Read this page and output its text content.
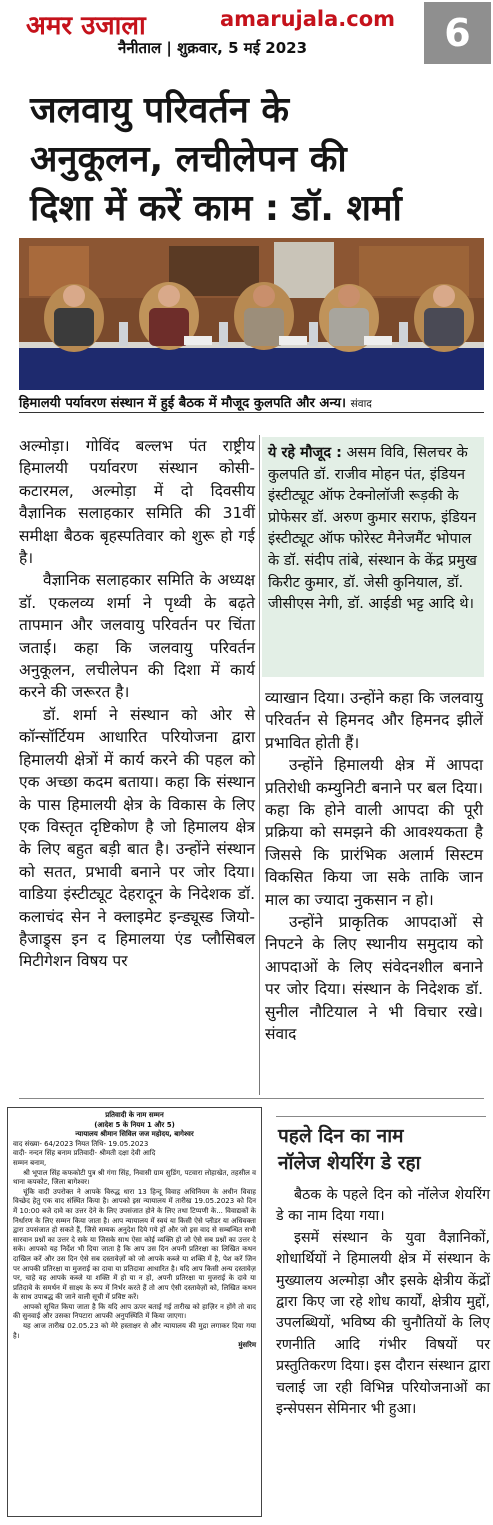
अमर उजाला	amarujala.com
नैनीताल | शुक्रवार, 5 मई 2023	6
जलवायु परिवर्तन के
अनुकूलन, लचीलेपन की
दिशा में करें काम : डॉ. शर्मा
हिमालयी पर्यावरण संस्थान में हुई बैठक में मौजूद कुलपति और अन्य। संवाद

अल्मोड़ा। गोविंद बल्लभ पंत राष्ट्रीय हिमालयी पर्यावरण संस्थान कोसी-कटारमल, अल्मोड़ा में दो दिवसीय वैज्ञानिक सलाहकार समिति की 31वीं समीक्षा बैठक बृहस्पतिवार को शुरू हो गई है।

वैज्ञानिक सलाहकार समिति के अध्यक्ष डॉ. एकलव्य शर्मा ने पृथ्वी के बढ़ते तापमान और जलवायु परिवर्तन पर चिंता जताई। कहा कि जलवायु परिवर्तन अनुकूलन, लचीलेपन की दिशा में कार्य करने की जरूरत है।

डॉ. शर्मा ने संस्थान को ओर से कॉन्सॉर्टियम आधारित परियोजना द्वारा हिमालयी क्षेत्रों में कार्य करने की पहल को एक अच्छा कदम बताया। कहा कि संस्थान के पास हिमालयी क्षेत्र के विकास के लिए एक विस्तृत दृष्टिकोण है जो हिमालय क्षेत्र के लिए बहुत बड़ी बात है। उन्होंने संस्थान को सतत, प्रभावी बनाने पर जोर दिया। वाडिया इंस्टीट्यूट देहरादून के निदेशक डॉ. कलाचंद सेन ने क्लाइमेट इन्ड्यूस्ड जियो-हैजाड्र्स इन द हिमालया एंड प्लौसिबल मिटीगेशन विषय पर

ये रहे मौजूद : असम विवि, सिलचर के कुलपति डॉ. राजीव मोहन पंत, इंडियन इंस्टीट्यूट ऑफ टेक्नोलॉजी रूड़की के प्रोफेसर डॉ. अरुण कुमार सराफ, इंडियन इंस्टीट्यूट ऑफ फोरेस्ट मैनेजमैंट भोपाल के डॉ. संदीप तांबे, संस्थान के केंद्र प्रमुख किरीट कुमार, डॉ. जेसी कुनियाल, डॉ. जीसीएस नेगी, डॉ. आईडी भट्ट आदि थे।

व्याखान दिया। उन्होंने कहा कि जलवायु परिवर्तन से हिमनद और हिमनद झीलें प्रभावित होती हैं।

उन्होंने हिमालयी क्षेत्र में आपदा प्रतिरोधी कम्युनिटी बनाने पर बल दिया। कहा कि होने वाली आपदा की पूरी प्रक्रिया को समझने की आवश्यकता है जिससे कि प्रारंभिक अलार्म सिस्टम विकसित किया जा सके ताकि जान माल का ज्यादा नुकसान न हो।

उन्होंने प्राकृतिक आपदाओं से निपटने के लिए स्थानीय समुदाय को आपदाओं के लिए संवेदनशील बनाने पर जोर दिया। संस्थान के निदेशक डॉ. सुनील नौटियाल ने भी विचार रखे। संवाद

प्रतिवादी के नाम सम्मन
(आदेश 5 के नियम 1 और 5)
न्यायालय श्रीमान सिविल जज महोदय, बागेश्वर
वाद संख्या- 64/2023 नियत तिथि- 19.05.2023
वादी- नन्दन सिंह बनाम प्रतिवादी- श्रीमती दक्षा देवी आदि
सम्मन बनाम,

श्री भूपाल सिंह कफकोटी पुत्र श्री गंगा सिंह, निवासी ग्राम सुडिंग, पटवारा लोहाखेत, तहसील व थाना कपकोट, जिला बागेश्वर।

चूंकि वादी उपरोक्त ने आपके विरुद्ध धारा 13 हिन्दू विवाह अधिनियम के अधीन विवाह विच्छेद हेतु एक वाद संस्थित किया है। आपको इस न्यायालय में तारीख 19.05.2023 को दिन में 10:00 बजे दावे का उत्तर देने के लिए उपसंजात होने के लिए तथा टिप्पणी के... विवाद्यकों के निर्धारण के लिए सम्मन किया जाता है। आप न्यायालय में स्वयं या किसी ऐसे प्लीडर या अधिवक्ता द्वारा उपसंजात हो सकते हैं, जिसे सम्यक अनुदेश दिये गये हों और जो इस वाद से सम्बन्धित सभी सारवान प्रश्नों का उत्तर दे सके या जिसके साथ ऐसा कोई व्यक्ति हो जो ऐसे सब प्रश्नों का उत्तर दे सके। आपको यह निर्देश भी दिया जाता है कि आप उस दिन अपनी प्रतिरक्षा का लिखित कथन दाखिल करें और उस दिन ऐसे सब दस्तावेज़ों को जो आपके कब्जे या शक्ति में है, पेश करें जिन पर आपकी प्रतिरक्षा या मुजराई का दावा या प्रतिदावा आधारित है। यदि आप किसी अन्य दस्तावेज़ पर, चाहे वह आपके कब्जे या शक्ति में हो या न हो, अपनी प्रतिरक्षा या मुजराई के दावे या प्रतिदावे के समर्थन में साक्ष्य के रूप में निर्भर करते हैं तो आप ऐसी दस्तावेज़ों को, लिखित कथन के साथ उपाबद्ध की जाने वाली सूची में प्रविष्ट करें।

आपको सूचित किया जाता है कि यदि आप ऊपर बताई गई तारीख को हाज़िर न होंगे तो वाद की सुनवाई और उसका निपटारा आपकी अनुपस्थिति में किया जाएगा।

यह आज तारीख 02.05.23 को मेरे हस्ताक्षर से और न्यायालय की मुद्रा लगाकर दिया गया है।

मुंसरिम
पहले दिन का नाम
नॉलेज शेयरिंग डे रहा

बैठक के पहले दिन को नॉलेज शेयरिंग डे का नाम दिया गया।

इसमें संस्थान के युवा वैज्ञानिकों, शोधार्थियों ने हिमालयी क्षेत्र में संस्थान के मुख्यालय अल्मोड़ा और इसके क्षेत्रीय केंद्रों द्वारा किए जा रहे शोध कार्यों, क्षेत्रीय मुद्दों, उपलब्धियों, भविष्य की चुनौतियों के लिए रणनीति आदि गंभीर विषयों पर प्रस्तुतिकरण दिया। इस दौरान संस्थान द्वारा चलाई जा रही विभिन्न परियोजनाओं का इन्सेपसन सेमिनार भी हुआ।
